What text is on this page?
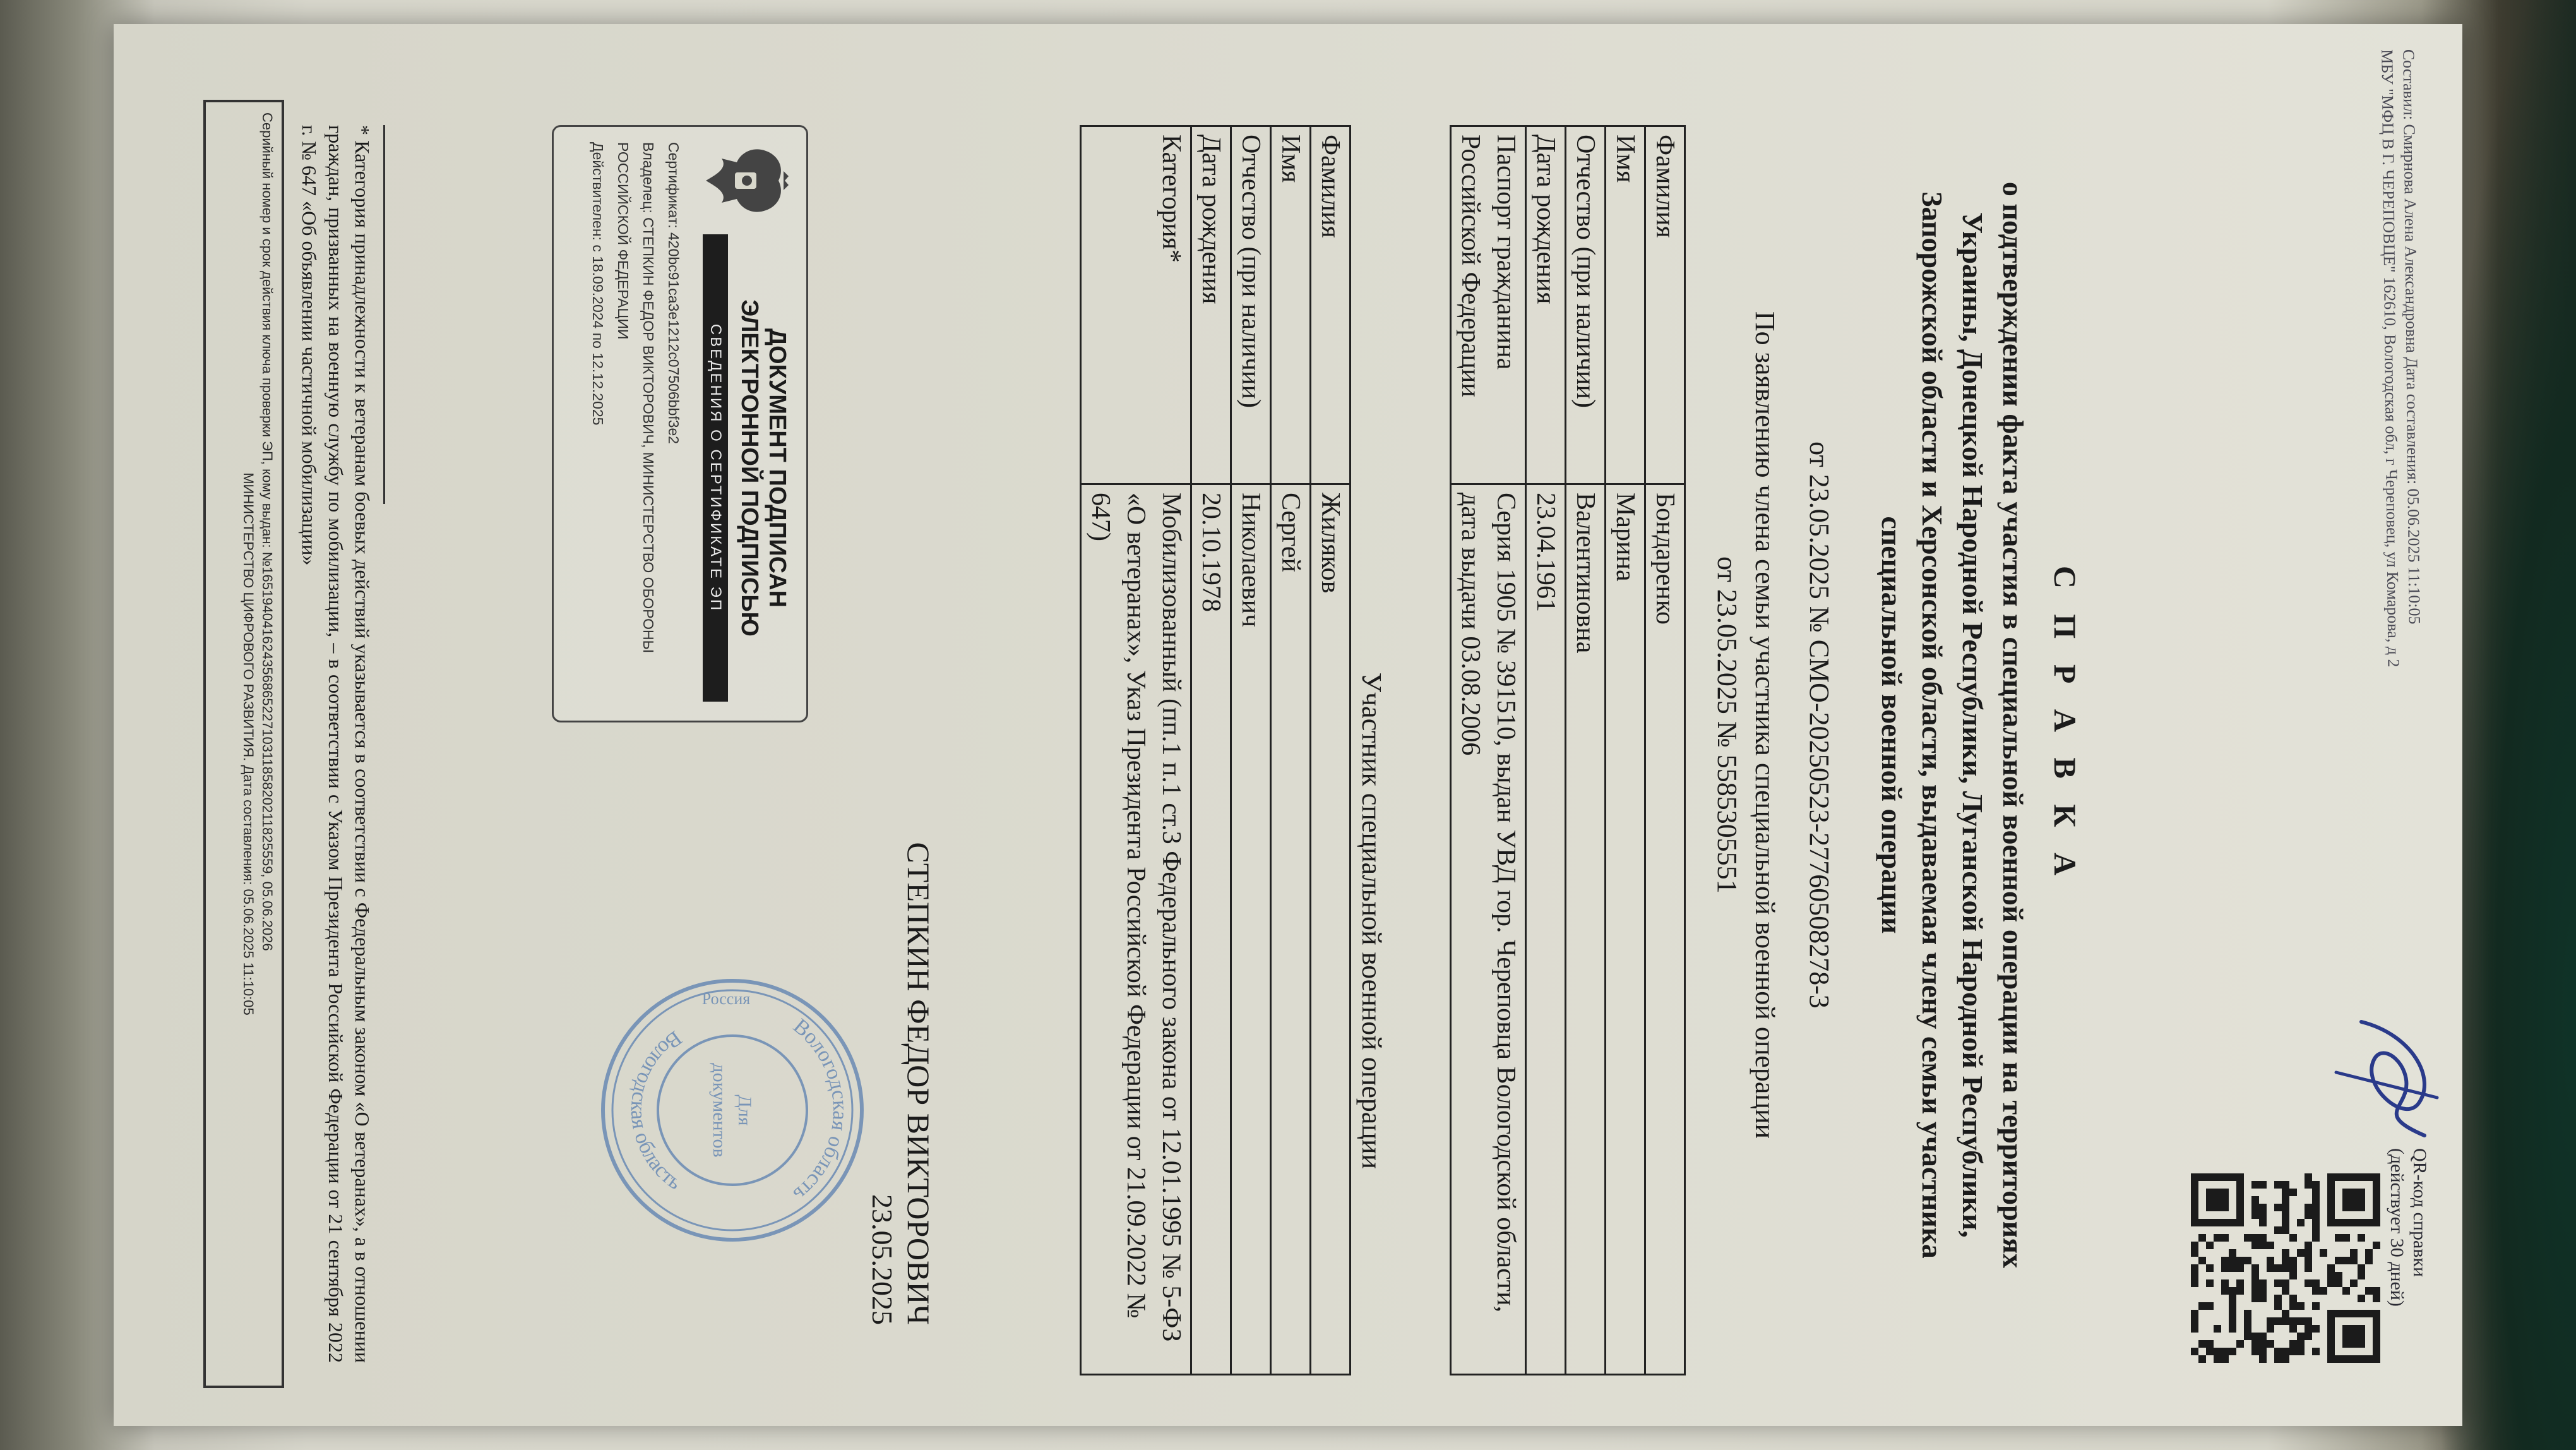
Составил: Смирнова Алена Александровна Дата составления: 05.06.2025 11:10:05
МБУ "МФЦ В Г. ЧЕРЕПОВЦЕ" 162610, Вологодская обл, г Череповец, ул Комарова, д 2
QR-код справки
(действует 30 дней)
С П Р А В К А
о подтверждении факта участия в специальной военной операции на территориях Украины, Донецкой Народной Республики, Луганской Народной Республики, Запорожской области и Херсонской области, выдаваемая члену семьи участника специальной военной операции
от 23.05.2025 № СМО-20250523-27760508278-3
По заявлению члена семьи участника специальной военной операции
от 23.05.2025 № 5585305551
Фамилия	Бондаренко
Имя	Марина
Отчество (при наличии)	Валентиновна
Дата рождения	23.04.1961
Паспорт гражданина Российской Федерации	Серия 1905 № 391510, выдан УВД гор. Череповца Вологодской области, дата выдачи 03.08.2006
Участник специальной военной операции
Фамилия	Жиляков
Имя	Сергей
Отчество (при наличии)	Николаевич
Дата рождения	20.10.1978
Категория*	Мобилизованный (пп.1 п.1 ст.3 Федерального закона от 12.01.1995 № 5-ФЗ «О ветеранах», Указ Президента Российской Федерации от 21.09.2022 № 647)
СТЕПКИН ФЕДОР ВИКТОРОВИЧ
23.05.2025
ДОКУМЕНТ ПОДПИСАН ЭЛЕКТРОННОЙ ПОДПИСЬЮ
СВЕДЕНИЯ О СЕРТИФИКАТЕ ЭП
Сертификат: 420bc91ca3e1212c07506bbf3e2
Владелец: СТЕПКИН ФЕДОР ВИКТОРОВИЧ, МИНИСТЕРСТВО ОБОРОНЫ РОССИЙСКОЙ ФЕДЕРАЦИИ
Действителен: с 18.09.2024 по 12.12.2025
Вологодская область
Вологодская область
Россия
Для
документов
* Категория принадлежности к ветеранам боевых действий указывается в соответствии с Федеральным законом «О ветеранах», а в отношении граждан, призванных на военную службу по мобилизации, – в соответствии с Указом Президента Российской Федерации от 21 сентября 2022 г. № 647 «Об объявлении частичной мобилизации»
Серийный номер и срок действия ключа проверки ЭП, кому выдан: №1651940416243568652271031185820211825559, 05.06.2026
МИНИСТЕРСТВО ЦИФРОВОГО РАЗВИТИЯ. Дата составления: 05.06.2025 11:10:05
